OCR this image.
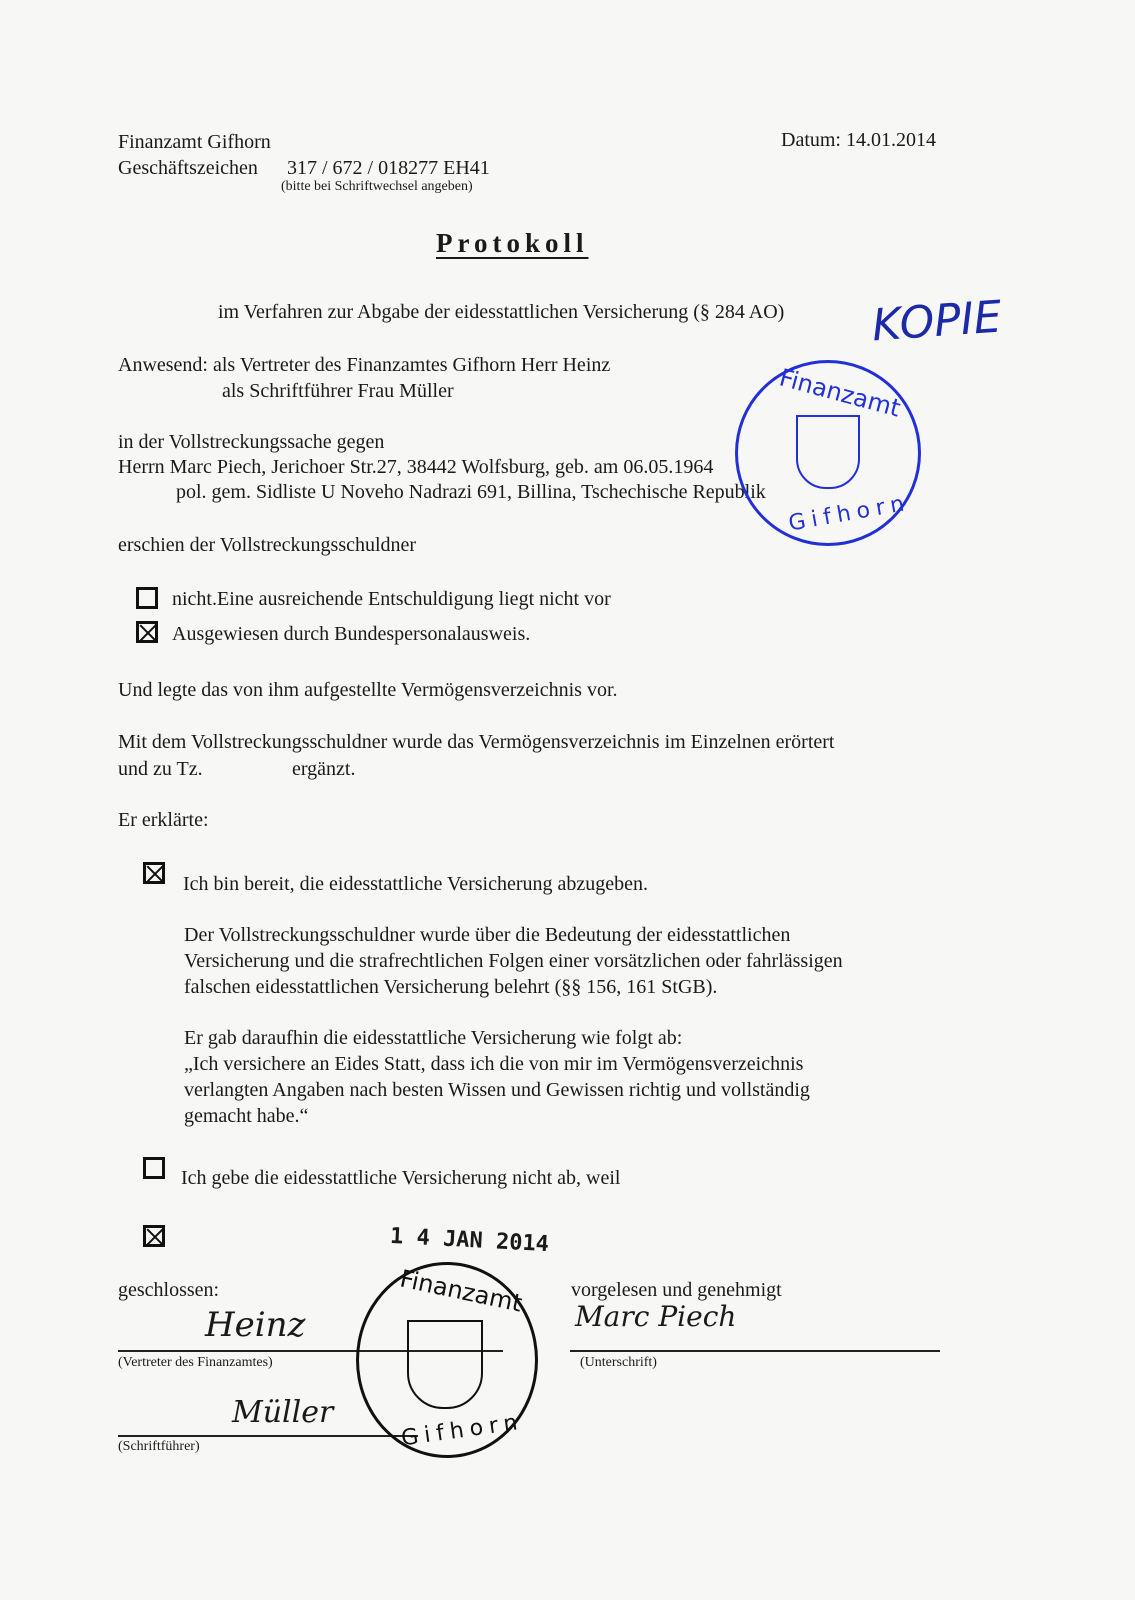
Finanzamt Gifhorn
Geschäftszeichen 317 / 672 / 018277 EH41
(bitte bei Schriftwechsel angeben)
Datum: 14.01.2014
Protokoll
im Verfahren zur Abgabe der eidesstattlichen Versicherung (§ 284 AO) KOPIE
Anwesend: als Vertreter des Finanzamtes Gifhorn Herr Heinz
als Schriftführer Frau Müller
in der Vollstreckungssache gegen
Herrn Marc Piech, Jerichoer Str.27, 38442 Wolfsburg, geb. am 06.05.1964
pol. gem. Sidliste U Noveho Nadrazi 691, Billina, Tschechische Republik
Finanzamt
Gifhorn
erschien der Vollstreckungsschuldner
nicht.Eine ausreichende Entschuldigung liegt nicht vor
Ausgewiesen durch Bundespersonalausweis.
Und legte das von ihm aufgestellte Vermögensverzeichnis vor.
Mit dem Vollstreckungsschuldner wurde das Vermögensverzeichnis im Einzelnen erörtert
und zu Tz.	ergänzt.
Er erklärte:
Ich bin bereit, die eidesstattliche Versicherung abzugeben.
Der Vollstreckungsschuldner wurde über die Bedeutung der eidesstattlichen
Versicherung und die strafrechtlichen Folgen einer vorsätzlichen oder fahrlässigen
falschen eidesstattlichen Versicherung belehrt (§§ 156, 161 StGB).
Er gab daraufhin die eidesstattliche Versicherung wie folgt ab:
„Ich versichere an Eides Statt, dass ich die von mir im Vermögensverzeichnis
verlangten Angaben nach besten Wissen und Gewissen richtig und vollständig
gemacht habe.“
Ich gebe die eidesstattliche Versicherung nicht ab, weil
1 4 JAN 2014
geschlossen:	vorgelesen und genehmigt
(Vertreter des Finanzamtes)	(Unterschrift)
(Schriftführer)
Heinz	Marc Piech
Müller
Finanzamt
Gifhorn
